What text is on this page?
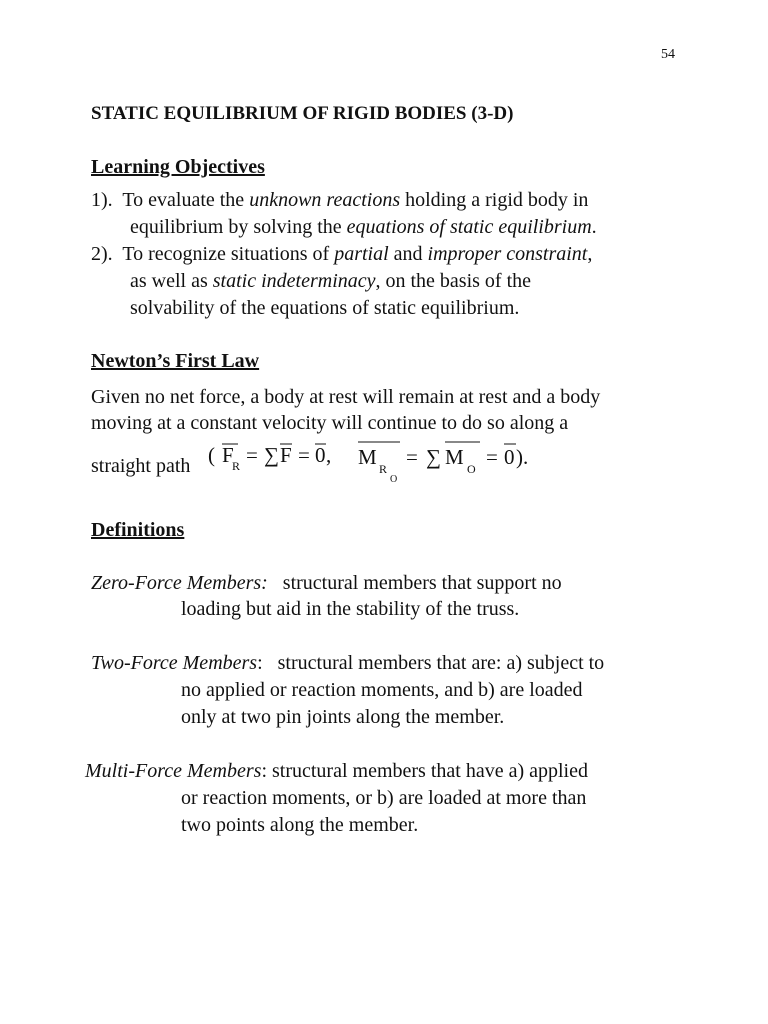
54
STATIC EQUILIBRIUM OF RIGID BODIES (3-D)
Learning Objectives
1). To evaluate the unknown reactions holding a rigid body in
equilibrium by solving the equations of static equilibrium.
2). To recognize situations of partial and improper constraint,
as well as static indeterminacy, on the basis of the
solvability of the equations of static equilibrium.
Newton’s First Law
Given no net force, a body at rest will remain at rest and a body
moving at a constant velocity will continue to do so along a
straight path ( F
R = ∑ F = 0 , M R
O
= ∑ M O = 0 ).
Definitions
Zero-Force Members: structural members that support no
loading but aid in the stability of the truss.
Two-Force Members: structural members that are: a) subject to
no applied or reaction moments, and b) are loaded
only at two pin joints along the member.
Multi-Force Members: structural members that have a) applied
or reaction moments, or b) are loaded at more than
two points along the member.
